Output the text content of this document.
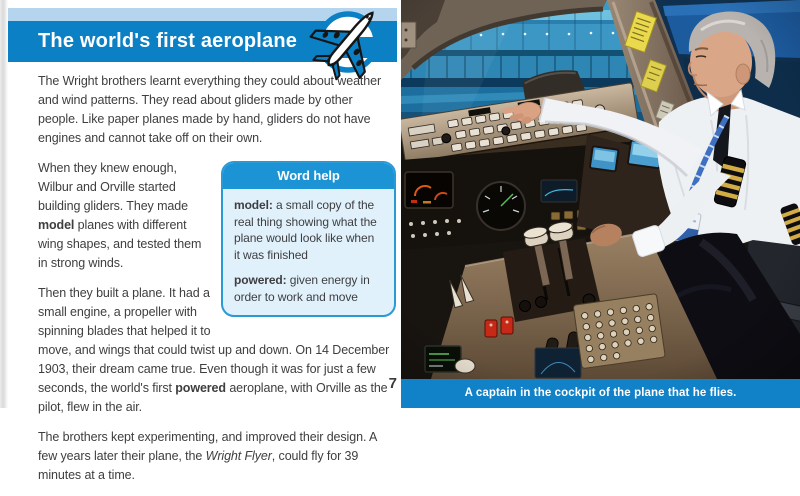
The world's first aeroplane

The Wright brothers learnt everything they could about weather and wind patterns. They read about gliders made by other people. Like paper planes made by hand, gliders do not have engines and cannot take off on their own.

Word help
model: a small copy of the real thing showing what the plane would look like when it was finished
powered: given energy in order to work and move

When they knew enough, Wilbur and Orville started building gliders. They made model planes with different wing shapes, and tested them in strong winds.

Then they built a plane. It had a small engine, a propeller with spinning blades that helped it to move, and wings that could twist up and down. On 14 December 1903, their dream came true. Even though it was for just a few seconds, the world's first powered aeroplane, with Orville as the pilot, flew in the air.

The brothers kept experimenting, and improved their design. A few years later their plane, the Wright Flyer, could fly for 39 minutes at a time.

7
A captain in the cockpit of the plane that he flies.
